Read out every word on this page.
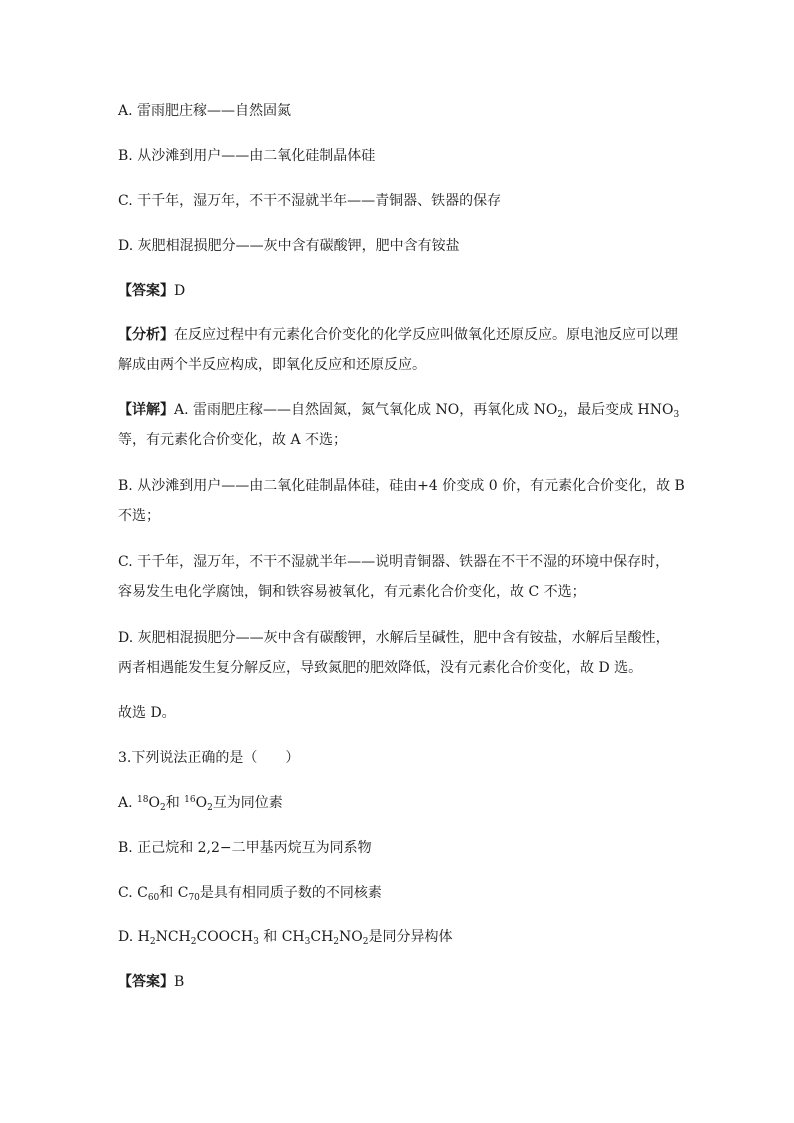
A. 雷雨肥庄稼——自然固氮
B. 从沙滩到用户——由二氧化硅制晶体硅
C. 干千年，湿万年，不干不湿就半年——青铜器、铁器的保存
D. 灰肥相混损肥分——灰中含有碳酸钾，肥中含有铵盐
【答案】D
【分析】在反应过程中有元素化合价变化的化学反应叫做氧化还原反应。原电池反应可以理
解成由两个半反应构成，即氧化反应和还原反应。
【详解】A. 雷雨肥庄稼——自然固氮，氮气氧化成 NO，再氧化成 $NO_2$，最后变成 $HNO_3$
等，有元素化合价变化，故 A 不选；
B. 从沙滩到用户——由二氧化硅制晶体硅，硅由+4 价变成 0 价，有元素化合价变化，故 B
不选；
C. 干千年，湿万年，不干不湿就半年——说明青铜器、铁器在不干不湿的环境中保存时，
容易发生电化学腐蚀，铜和铁容易被氧化，有元素化合价变化，故 C 不选；
D. 灰肥相混损肥分——灰中含有碳酸钾，水解后呈碱性，肥中含有铵盐，水解后呈酸性，
两者相遇能发生复分解反应，导致氮肥的肥效降低，没有元素化合价变化，故 D 选。
故选 D。
3.下列说法正确的是（　　）
A. $^{18}O_2$和 $^{16}O_2$互为同位素
B. 正己烷和 2,2−二甲基丙烷互为同系物
C. $C_{60}$和 $C_{70}$是具有相同质子数的不同核素
D. $H_2NCH_2COOCH_3$ 和 $CH_3CH_2NO_2$是同分异构体
【答案】B
